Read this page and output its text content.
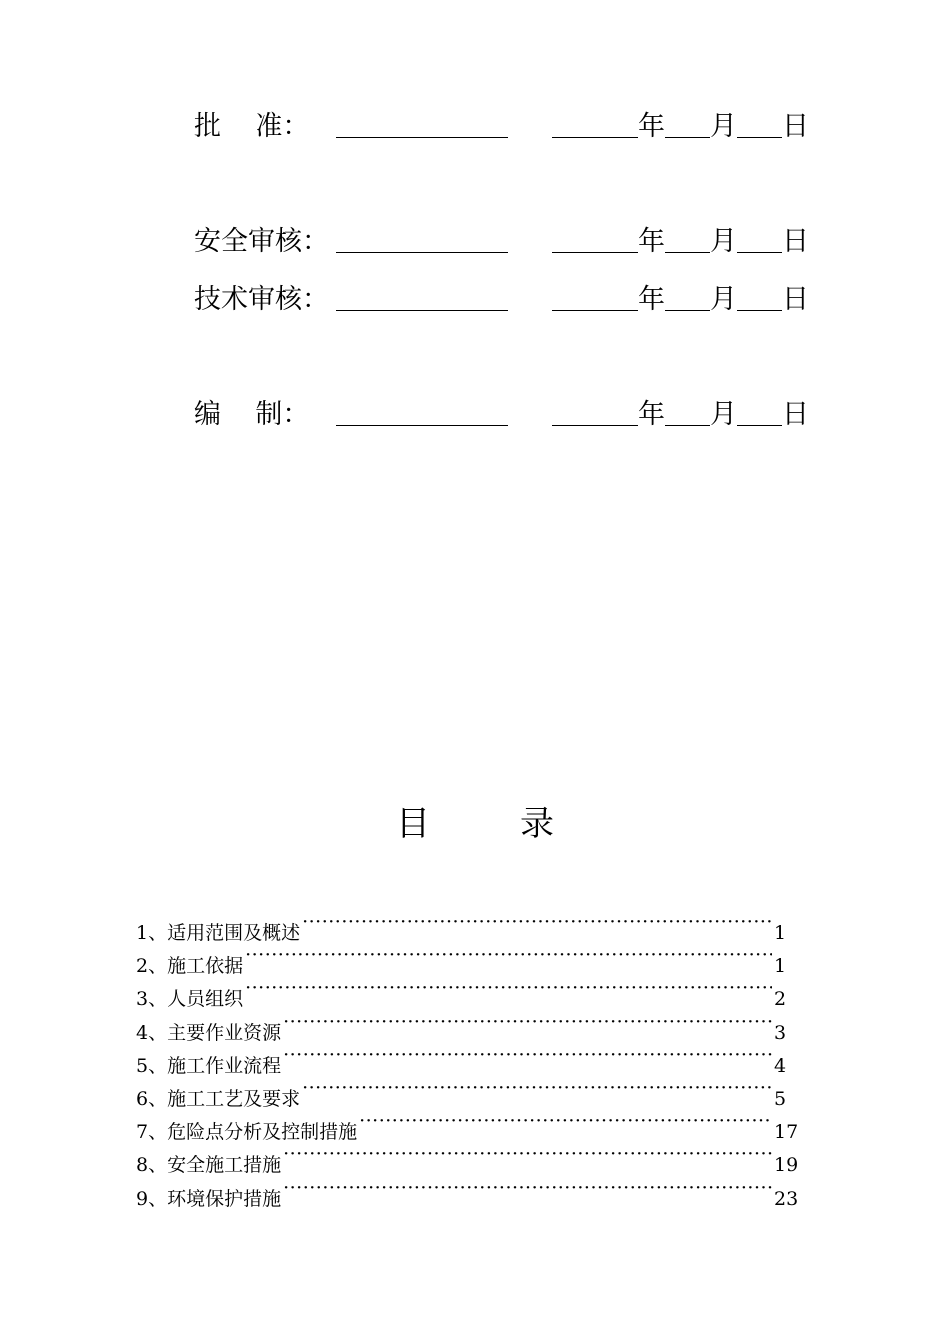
批    准：	年 月 日
安全审核：	年 月 日
技术审核：	年 月 日
编    制：	年 月 日
目	录
1、适用范围及概述 ·····	1
2、施工依据 ·····	1
3、人员组织 ·····	2
4、主要作业资源 ·····	3
5、施工作业流程 ·····	4
6、施工工艺及要求 ·····	5
7、危险点分析及控制措施 ·····	17
8、安全施工措施 ·····	19
9、环境保护措施 ·····	23
